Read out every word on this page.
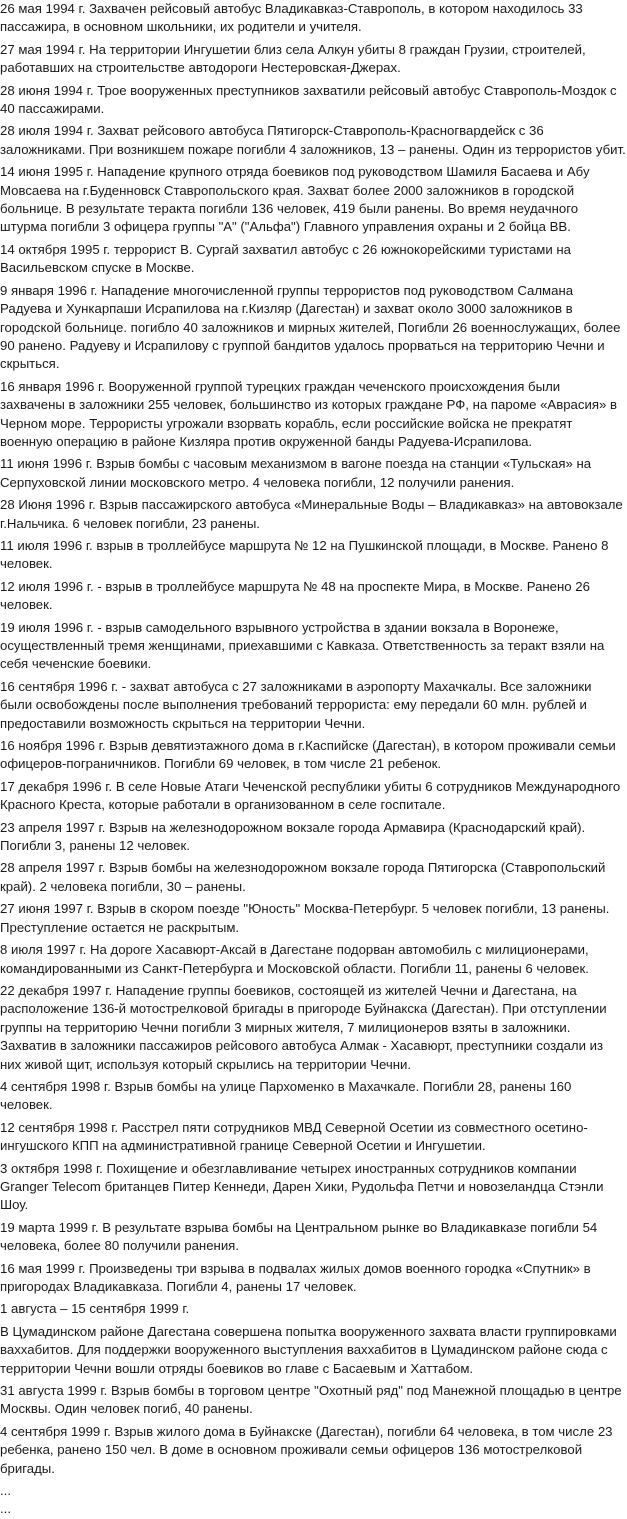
26 мая 1994 г. Захвачен рейсовый автобус Владикавказ-Ставрополь, в котором находилось 33 пассажира, в основном школьники, их родители и учителя.

27 мая 1994 г. На территории Ингушетии близ села Алкун убиты 8 граждан Грузии, строителей, работавших на строительстве автодороги Нестеровская-Джерах.

28 июня 1994 г. Трое вооруженных преступников захватили рейсовый автобус Ставрополь-Моздок с 40 пассажирами.

28 июля 1994 г. Захват рейсового автобуса Пятигорск-Ставрополь-Красногвардейск с 36 заложниками. При возникшем пожаре погибли 4 заложников, 13 – ранены. Один из террористов убит.

14 июня 1995 г. Нападение крупного отряда боевиков под руководством Шамиля Басаева и Абу Мовсаева на г.Буденновск Ставропольского края. Захват более 2000 заложников в городской больнице. В результате теракта погибли 136 человек, 419 были ранены. Во время неудачного штурма погибли 3 офицера группы "А" ("Альфа") Главного управления охраны и 2 бойца ВВ.

14 октября 1995 г. террорист В. Сургай захватил автобус с 26 южнокорейскими туристами на Васильевском спуске в Москве.

9 января 1996 г. Нападение многочисленной группы террористов под руководством Салмана Радуева и Хункарпаши Исрапилова на г.Кизляр (Дагестан) и захват около 3000 заложников в городской больнице. погибло 40 заложников и мирных жителей, Погибли 26 военнослужащих, более 90 ранено. Радуеву и Исрапилову с группой бандитов удалось прорваться на территорию Чечни и скрыться.

16 января 1996 г. Вооруженной группой турецких граждан чеченского происхождения были захвачены в заложники 255 человек, большинство из которых граждане РФ, на пароме «Аврасия» в Черном море. Террористы угрожали взорвать корабль, если российские войска не прекратят военную операцию в районе Кизляра против окруженной банды Радуева-Исрапилова.

11 июня 1996 г. Взрыв бомбы с часовым механизмом в вагоне поезда на станции «Тульская» на Серпуховской линии московского метро. 4 человека погибли, 12 получили ранения.

28 Июня 1996 г. Взрыв пассажирского автобуса «Минеральные Воды – Владикавказ» на автовокзале г.Нальчика. 6 человек погибли, 23 ранены.

11 июля 1996 г. взрыв в троллейбусе маршрута № 12 на Пушкинской площади, в Москве. Ранено 8 человек.

12 июля 1996 г. - взрыв в троллейбусе маршрута № 48 на проспекте Мира, в Москве. Ранено 26 человек.

19 июля 1996 г. - взрыв самодельного взрывного устройства в здании вокзала в Воронеже, осуществленный тремя женщинами, приехавшими с Кавказа. Ответственность за теракт взяли на себя чеченские боевики.

16 сентября 1996 г. - захват автобуса с 27 заложниками в аэропорту Махачкалы. Все заложники были освобождены после выполнения требований террориста: ему передали 60 млн. рублей и предоставили возможность скрыться на территории Чечни.

16 ноября 1996 г. Взрыв девятиэтажного дома в г.Каспийске (Дагестан), в котором проживали семьи офицеров-пограничников. Погибли 69 человек, в том числе 21 ребенок.

17 декабря 1996 г. В селе Новые Атаги Чеченской республики убиты 6 сотрудников Международного Красного Креста, которые работали в организованном в селе госпитале.

23 апреля 1997 г. Взрыв на железнодорожном вокзале города Армавира (Краснодарский край). Погибли 3, ранены 12 человек.

28 апреля 1997 г. Взрыв бомбы на железнодорожном вокзале города Пятигорска (Ставропольский край). 2 человека погибли, 30 – ранены.

27 июня 1997 г. Взрыв в скором поезде "Юность" Москва-Петербург. 5 человек погибли, 13 ранены. Преступление остается не раскрытым.

8 июля 1997 г. На дороге Хасавюрт-Аксай в Дагестане подорван автомобиль с милиционерами, командированными из Санкт-Петербурга и Московской области. Погибли 11, ранены 6 человек.

22 декабря 1997 г. Нападение группы боевиков, состоящей из жителей Чечни и Дагестана, на расположение 136-й мотострелковой бригады в пригороде Буйнакска (Дагестан). При отступлении группы на территорию Чечни погибли 3 мирных жителя, 7 милиционеров взяты в заложники. Захватив в заложники пассажиров рейсового автобуса Алмак - Хасавюрт, преступники создали из них живой щит, используя который скрылись на территории Чечни.

4 сентября 1998 г. Взрыв бомбы на улице Пархоменко в Махачкале. Погибли 28, ранены 160 человек.

12 сентября 1998 г. Расстрел пяти сотрудников МВД Северной Осетии из совместного осетино-ингушского КПП на административной границе Северной Осетии и Ингушетии.

3 октября 1998 г. Похищение и обезглавливание четырех иностранных сотрудников компании Granger Telecom британцев Питер Кеннеди, Дарен Хики, Рудольфа Петчи и новозеландца Стэнли Шоу.

19 марта 1999 г. В результате взрыва бомбы на Центральном рынке во Владикавказе погибли 54 человека, более 80 получили ранения.

16 мая 1999 г. Произведены три взрыва в подвалах жилых домов военного городка «Спутник» в пригородах Владикавказа. Погибли 4, ранены 17 человек.

1 августа – 15 сентября 1999 г.

В Цумадинском районе Дагестана совершена попытка вооруженного захвата власти группировками ваххабитов. Для поддержки вооруженного выступления ваххабитов в Цумадинском районе сюда с территории Чечни вошли отряды боевиков во главе с Басаевым и Хаттабом.

31 августа 1999 г. Взрыв бомбы в торговом центре "Охотный ряд" под Манежной площадью в центре Москвы. Один человек погиб, 40 ранены.

4 сентября 1999 г. Взрыв жилого дома в Буйнакске (Дагестан), погибли 64 человека, в том числе 23 ребенка, ранено 150 чел. В доме в основном проживали семьи офицеров 136 мотострелковой бригады.

...

...
